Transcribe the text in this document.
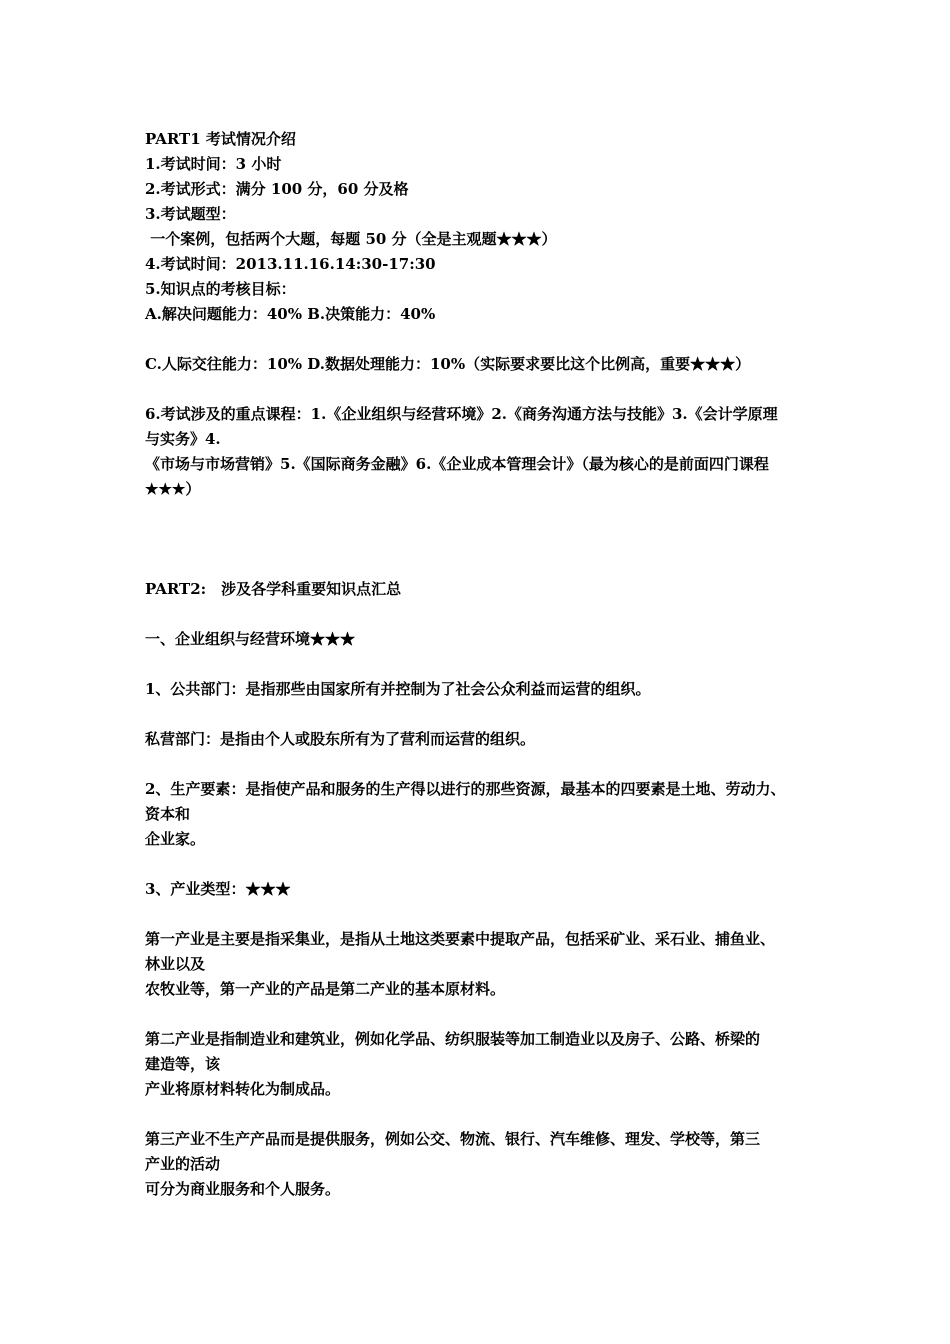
PART1 考试情况介绍
1.考试时间：3 小时
2.考试形式：满分 100 分，60 分及格
3.考试题型：
一个案例，包括两个大题，每题 50 分（全是主观题★★★）
4.考试时间：2013.11.16.14:30-17:30
5.知识点的考核目标：
A.解决问题能力：40% B.决策能力：40%
C.人际交往能力：10% D.数据处理能力：10%（实际要求要比这个比例高，重要★★★）
6.考试涉及的重点课程：1.《企业组织与经营环境》2.《商务沟通方法与技能》3.《会计学原理
与实务》4.
《市场与市场营销》5.《国际商务金融》6.《企业成本管理会计》（最为核心的是前面四门课程
★★★）
PART2:　涉及各学科重要知识点汇总
一、企业组织与经营环境★★★
1、公共部门：是指那些由国家所有并控制为了社会公众利益而运营的组织。
私营部门：是指由个人或股东所有为了营利而运营的组织。
2、生产要素：是指使产品和服务的生产得以进行的那些资源，最基本的四要素是土地、劳动力、
资本和
企业家。
3、产业类型：★★★
第一产业是主要是指采集业，是指从土地这类要素中提取产品，包括采矿业、采石业、捕鱼业、
林业以及
农牧业等，第一产业的产品是第二产业的基本原材料。
第二产业是指制造业和建筑业，例如化学品、纺织服装等加工制造业以及房子、公路、桥梁的
建造等，该
产业将原材料转化为制成品。
第三产业不生产产品而是提供服务，例如公交、物流、银行、汽车维修、理发、学校等，第三
产业的活动
可分为商业服务和个人服务。
